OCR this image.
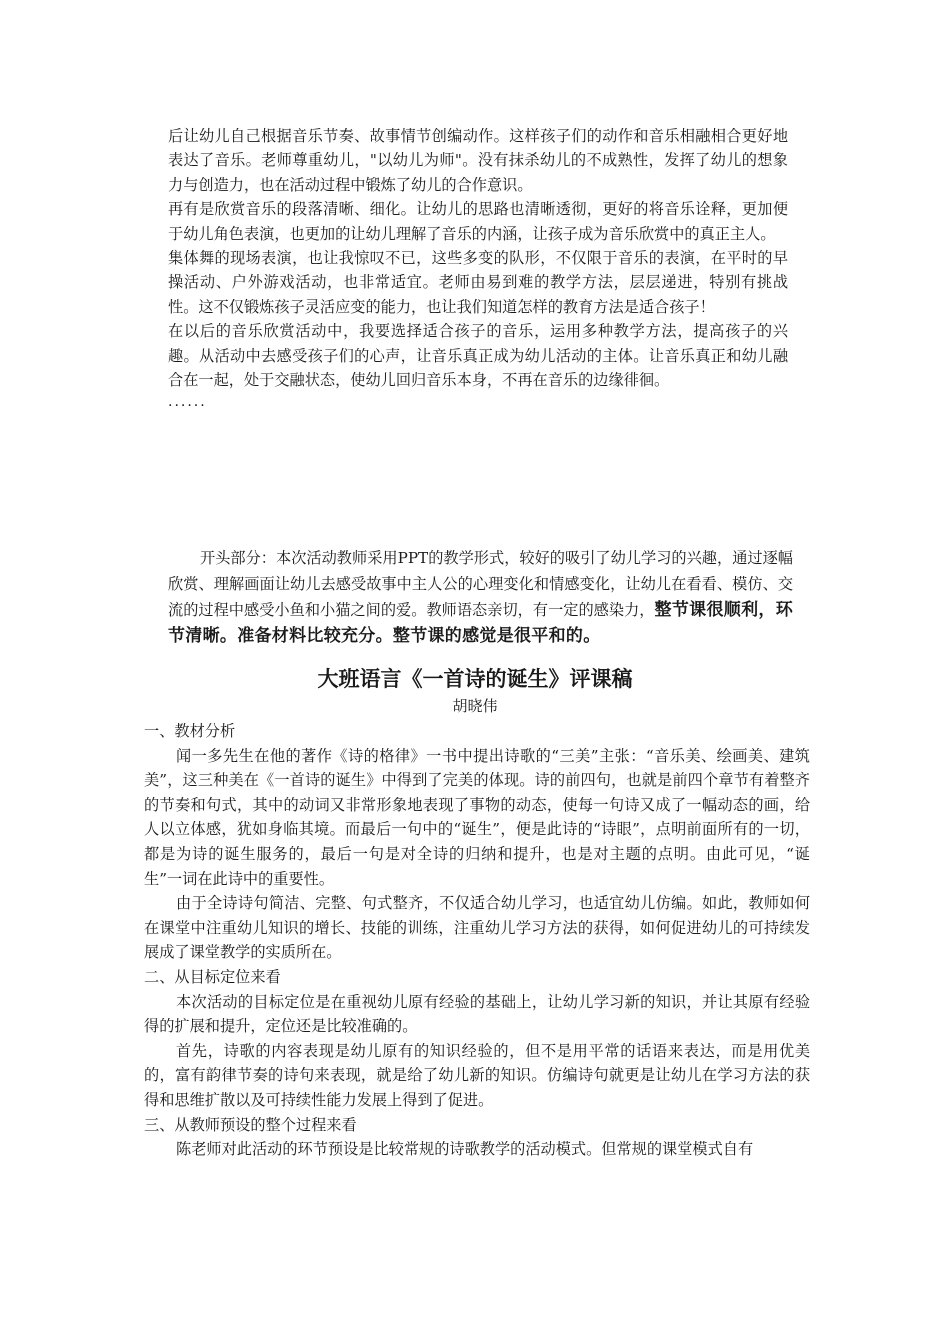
后让幼儿自己根据音乐节奏、故事情节创编动作。这样孩子们的动作和音乐相融相合更好地表达了音乐。老师尊重幼儿，"以幼儿为师"。没有抹杀幼儿的不成熟性，发挥了幼儿的想象力与创造力，也在活动过程中锻炼了幼儿的合作意识。

再有是欣赏音乐的段落清晰、细化。让幼儿的思路也清晰透彻，更好的将音乐诠释，更加便于幼儿角色表演，也更加的让幼儿理解了音乐的内涵，让孩子成为音乐欣赏中的真正主人。

集体舞的现场表演，也让我惊叹不已，这些多变的队形，不仅限于音乐的表演，在平时的早操活动、户外游戏活动，也非常适宜。老师由易到难的教学方法，层层递进，特别有挑战性。这不仅锻炼孩子灵活应变的能力，也让我们知道怎样的教育方法是适合孩子！

在以后的音乐欣赏活动中，我要选择适合孩子的音乐，运用多种教学方法，提高孩子的兴趣。从活动中去感受孩子们的心声，让音乐真正成为幼儿活动的主体。让音乐真正和幼儿融合在一起，处于交融状态，使幼儿回归音乐本身，不再在音乐的边缘徘徊。

......

开头部分：本次活动教师采用PPT的教学形式，较好的吸引了幼儿学习的兴趣，通过逐幅欣赏、理解画面让幼儿去感受故事中主人公的心理变化和情感变化，让幼儿在看看、模仿、交流的过程中感受小鱼和小猫之间的爱。教师语态亲切，有一定的感染力，整节课很顺利，环节清晰。准备材料比较充分。整节课的感觉是很平和的。

大班语言《一首诗的诞生》评课稿
胡晓伟

一、教材分析

闻一多先生在他的著作《诗的格律》一书中提出诗歌的“三美”主张：“音乐美、绘画美、建筑美”，这三种美在《一首诗的诞生》中得到了完美的体现。诗的前四句，也就是前四个章节有着整齐的节奏和句式，其中的动词又非常形象地表现了事物的动态，使每一句诗又成了一幅动态的画，给人以立体感，犹如身临其境。而最后一句中的“诞生”，便是此诗的“诗眼”，点明前面所有的一切，都是为诗的诞生服务的，最后一句是对全诗的归纳和提升，也是对主题的点明。由此可见，“诞生”一词在此诗中的重要性。

由于全诗诗句简洁、完整、句式整齐，不仅适合幼儿学习，也适宜幼儿仿编。如此，教师如何在课堂中注重幼儿知识的增长、技能的训练，注重幼儿学习方法的获得，如何促进幼儿的可持续发展成了课堂教学的实质所在。

二、从目标定位来看

本次活动的目标定位是在重视幼儿原有经验的基础上，让幼儿学习新的知识，并让其原有经验得的扩展和提升，定位还是比较准确的。

首先，诗歌的内容表现是幼儿原有的知识经验的，但不是用平常的话语来表达，而是用优美的，富有韵律节奏的诗句来表现，就是给了幼儿新的知识。仿编诗句就更是让幼儿在学习方法的获得和思维扩散以及可持续性能力发展上得到了促进。

三、从教师预设的整个过程来看

陈老师对此活动的环节预设是比较常规的诗歌教学的活动模式。但常规的课堂模式自有
